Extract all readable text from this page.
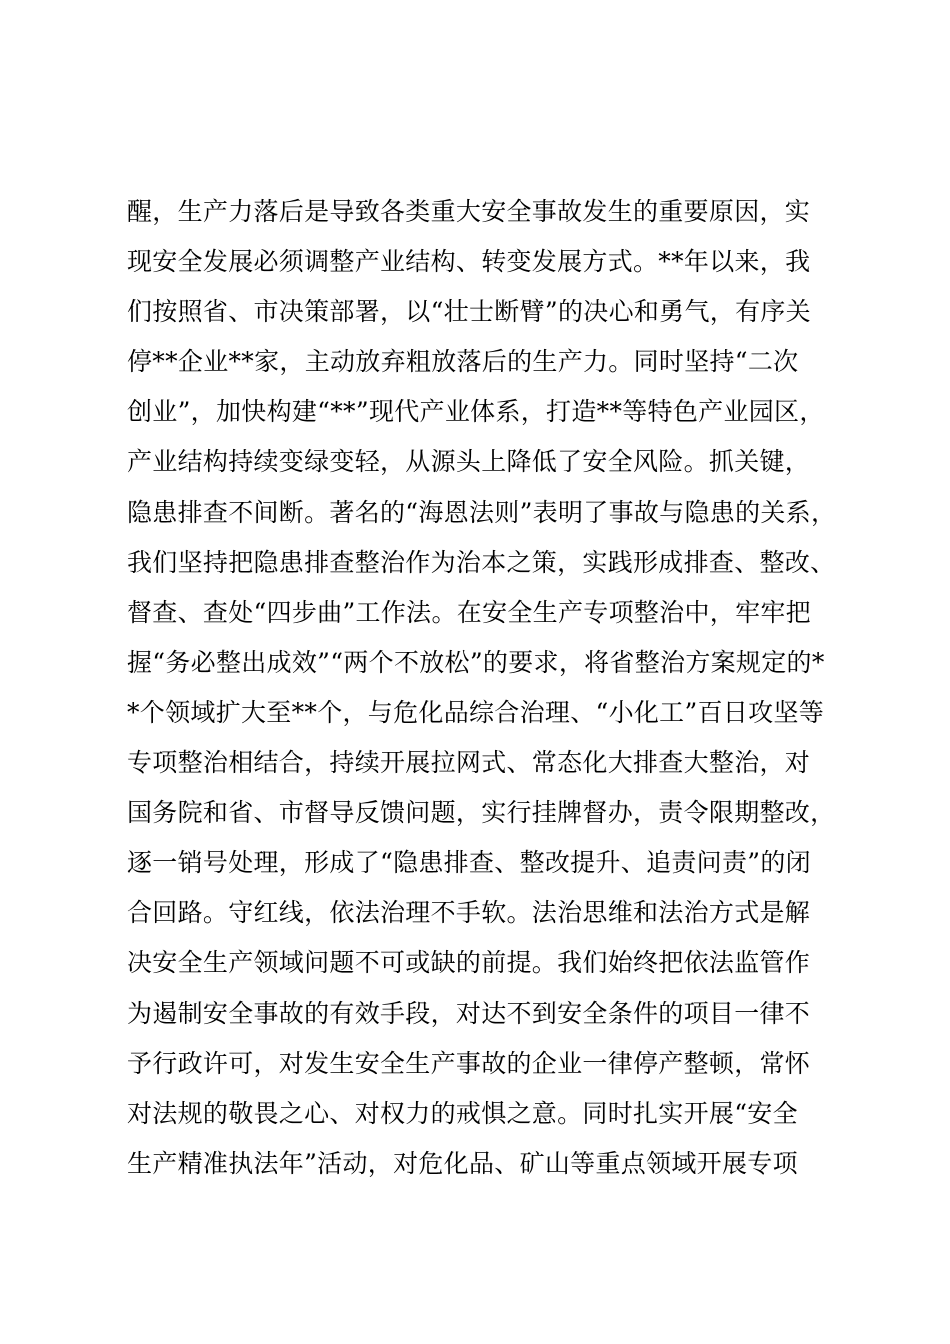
醒，生产力落后是导致各类重大安全事故发生的重要原因，实
现安全发展必须调整产业结构、转变发展方式。**年以来，我
们按照省、市决策部署，以“壮士断臂”的决心和勇气，有序关
停**企业**家，主动放弃粗放落后的生产力。同时坚持“二次
创业”，加快构建“**”现代产业体系，打造**等特色产业园区，
产业结构持续变绿变轻，从源头上降低了安全风险。抓关键，
隐患排查不间断。著名的“海恩法则”表明了事故与隐患的关系，
我们坚持把隐患排查整治作为治本之策，实践形成排查、整改、
督查、查处“四步曲”工作法。在安全生产专项整治中，牢牢把
握“务必整出成效”“两个不放松”的要求，将省整治方案规定的*
*个领域扩大至**个，与危化品综合治理、“小化工”百日攻坚等
专项整治相结合，持续开展拉网式、常态化大排查大整治，对
国务院和省、市督导反馈问题，实行挂牌督办，责令限期整改，
逐一销号处理，形成了“隐患排查、整改提升、追责问责”的闭
合回路。守红线，依法治理不手软。法治思维和法治方式是解
决安全生产领域问题不可或缺的前提。我们始终把依法监管作
为遏制安全事故的有效手段，对达不到安全条件的项目一律不
予行政许可，对发生安全生产事故的企业一律停产整顿，常怀
对法规的敬畏之心、对权力的戒惧之意。同时扎实开展“安全
生产精准执法年”活动，对危化品、矿山等重点领域开展专项
